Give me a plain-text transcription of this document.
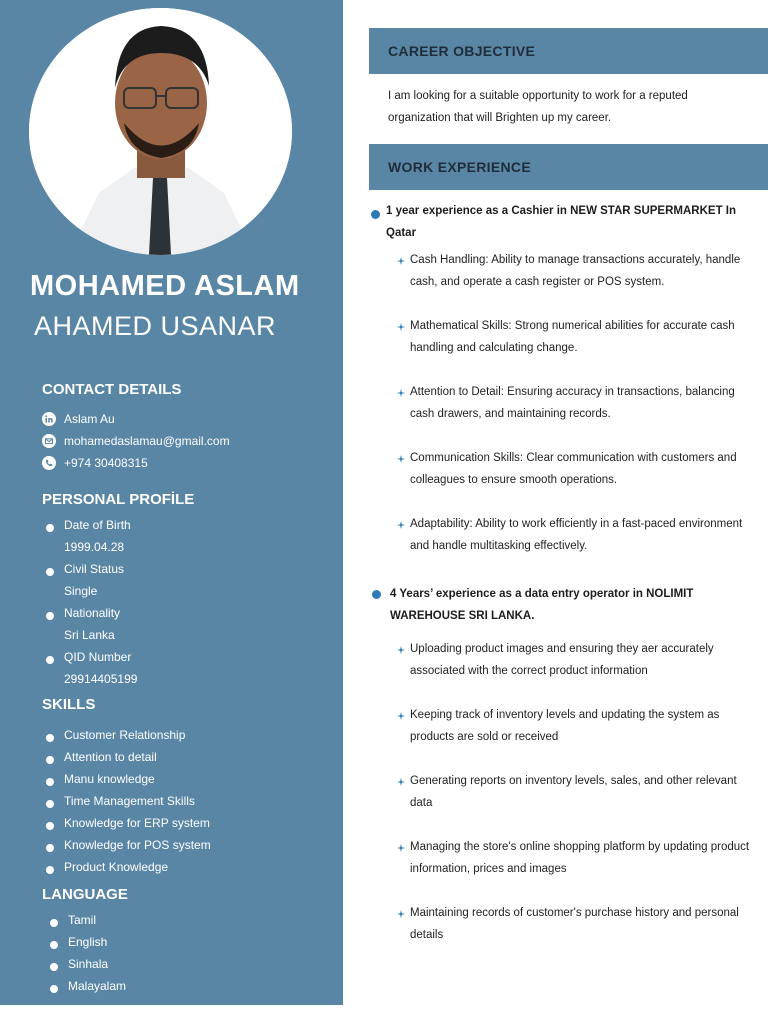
MOHAMED ASLAM
AHAMED USANAR
CONTACT DETAILS
Aslam Au
mohamedaslamau@gmail.com
+974 30408315
PERSONAL PROFİLE
Date of Birth
1999.04.28
Civil Status
Single
Nationality
Sri Lanka
QID Number
29914405199
SKILLS
Customer Relationship
Attention to detail
Manu knowledge
Time Management Skills
Knowledge for ERP system
Knowledge for POS system
Product Knowledge
LANGUAGE
Tamil
English
Sinhala
Malayalam
CAREER OBJECTIVE
I am looking for a suitable opportunity to work for a reputed organization that will Brighten up my career.
WORK EXPERIENCE
1 year experience as a Cashier in NEW STAR SUPERMARKET In Qatar
Cash Handling: Ability to manage transactions accurately, handle cash, and operate a cash register or POS system.
Mathematical Skills: Strong numerical abilities for accurate cash handling and calculating change.
Attention to Detail: Ensuring accuracy in transactions, balancing cash drawers, and maintaining records.
Communication Skills: Clear communication with customers and colleagues to ensure smooth operations.
Adaptability: Ability to work efficiently in a fast-paced environment and handle multitasking effectively.
4 Years’ experience as a data entry operator in NOLIMIT WAREHOUSE SRI LANKA.
Uploading product images and ensuring they aer accurately associated with the correct product information
Keeping track of inventory levels and updating the system as products are sold or received
Generating reports on inventory levels, sales, and other relevant data
Managing the store's online shopping platform by updating product information, prices and images
Maintaining records of customer's purchase history and personal details
